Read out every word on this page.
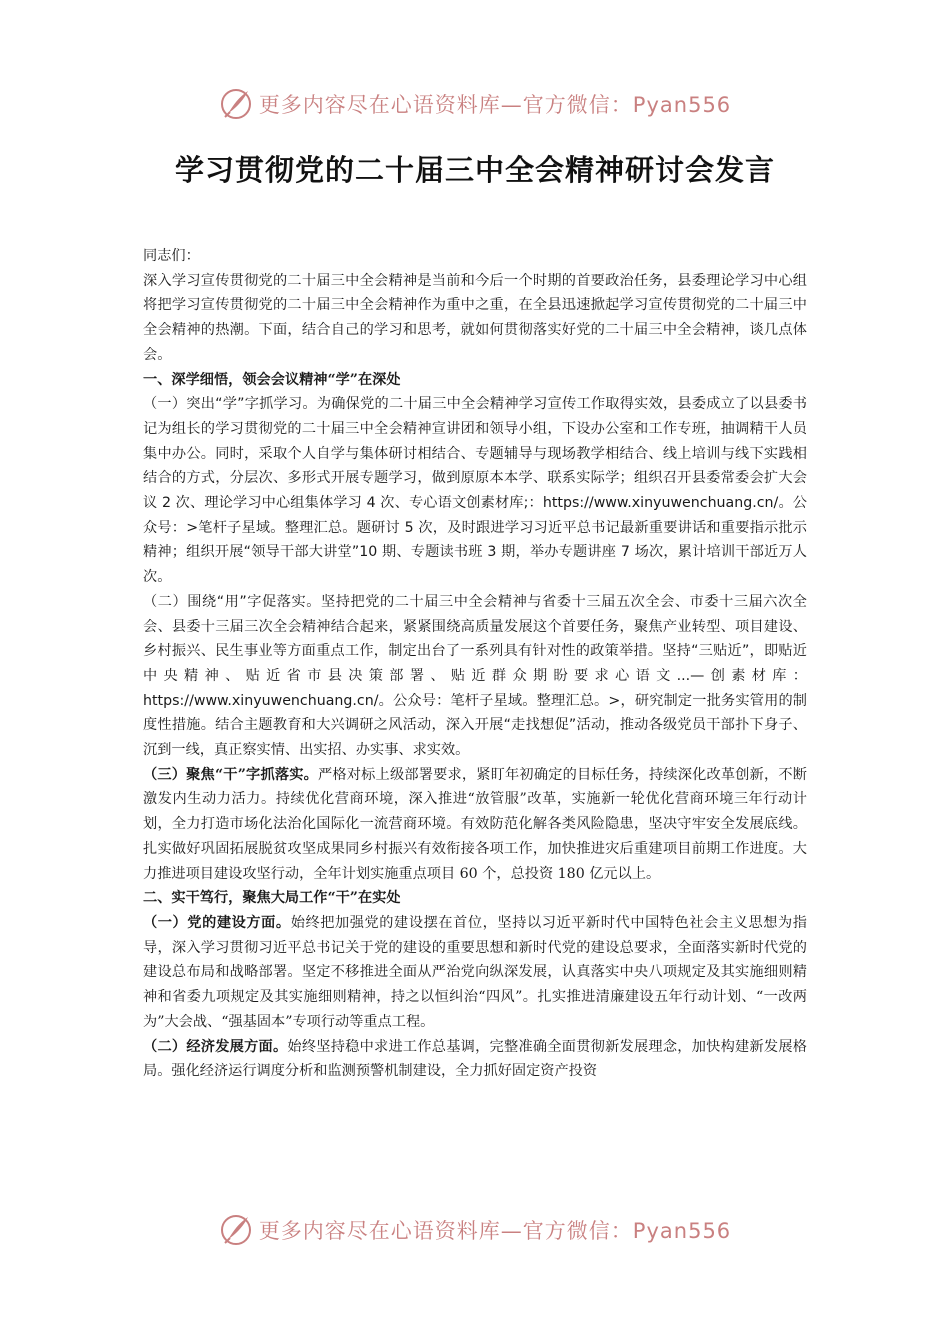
更多内容尽在心语资料库—官方微信：Pyan556
学习贯彻党的二十届三中全会精神研讨会发言

同志们：

深入学习宣传贯彻党的二十届三中全会精神是当前和今后一个时期的首要政治任务，县委理论学习中心组将把学习宣传贯彻党的二十届三中全会精神作为重中之重，在全县迅速掀起学习宣传贯彻党的二十届三中全会精神的热潮。下面，结合自己的学习和思考，就如何贯彻落实好党的二十届三中全会精神，谈几点体会。

一、深学细悟，领会会议精神“学”在深处

（一）突出“学”字抓学习。为确保党的二十届三中全会精神学习宣传工作取得实效，县委成立了以县委书记为组长的学习贯彻党的二十届三中全会精神宣讲团和领导小组，下设办公室和工作专班，抽调精干人员集中办公。同时，采取个人自学与集体研讨相结合、专题辅导与现场教学相结合、线上培训与线下实践相结合的方式，分层次、多形式开展专题学习，做到原原本本学、联系实际学；组织召开县委常委会扩大会议 2 次、理论学习中心组集体学习 4 次、专心语文创素材库;：https://www.xinyuwenchuang.cn/。公众号：>笔杆子星域。整理汇总。题研讨 5 次，及时跟进学习习近平总书记最新重要讲话和重要指示批示精神；组织开展“领导干部大讲堂”10 期、专题读书班 3 期，举办专题讲座 7 场次，累计培训干部近万人次。

（二）围绕“用”字促落实。坚持把党的二十届三中全会精神与省委十三届五次全会、市委十三届六次全会、县委十三届三次全会精神结合起来，紧紧围绕高质量发展这个首要任务，聚焦产业转型、项目建设、乡村振兴、民生事业等方面重点工作，制定出台了一系列具有针对性的政策举措。坚持“三贴近”，即贴近中央精神、贴近省市县决策部署、贴近群众期盼要求心语文...—创素材库：https://www.xinyuwenchuang.cn/。公众号：笔杆子星域。整理汇总。>，研究制定一批务实管用的制度性措施。结合主题教育和大兴调研之风活动，深入开展“走找想促”活动，推动各级党员干部扑下身子、沉到一线，真正察实情、出实招、办实事、求实效。

（三）聚焦“干”字抓落实。严格对标上级部署要求，紧盯年初确定的目标任务，持续深化改革创新，不断激发内生动力活力。持续优化营商环境，深入推进“放管服”改革，实施新一轮优化营商环境三年行动计划，全力打造市场化法治化国际化一流营商环境。有效防范化解各类风险隐患，坚决守牢安全发展底线。扎实做好巩固拓展脱贫攻坚成果同乡村振兴有效衔接各项工作，加快推进灾后重建项目前期工作进度。大力推进项目建设攻坚行动，全年计划实施重点项目 60 个，总投资 180 亿元以上。

二、实干笃行，聚焦大局工作“干”在实处

（一）党的建设方面。始终把加强党的建设摆在首位，坚持以习近平新时代中国特色社会主义思想为指导，深入学习贯彻习近平总书记关于党的建设的重要思想和新时代党的建设总要求，全面落实新时代党的建设总布局和战略部署。坚定不移推进全面从严治党向纵深发展，认真落实中央八项规定及其实施细则精神和省委九项规定及其实施细则精神，持之以恒纠治“四风”。扎实推进清廉建设五年行动计划、“一改两为”大会战、“强基固本”专项行动等重点工程。

（二）经济发展方面。始终坚持稳中求进工作总基调，完整准确全面贯彻新发展理念，加快构建新发展格局。强化经济运行调度分析和监测预警机制建设，全力抓好固定资产投资

更多内容尽在心语资料库—官方微信：Pyan556
